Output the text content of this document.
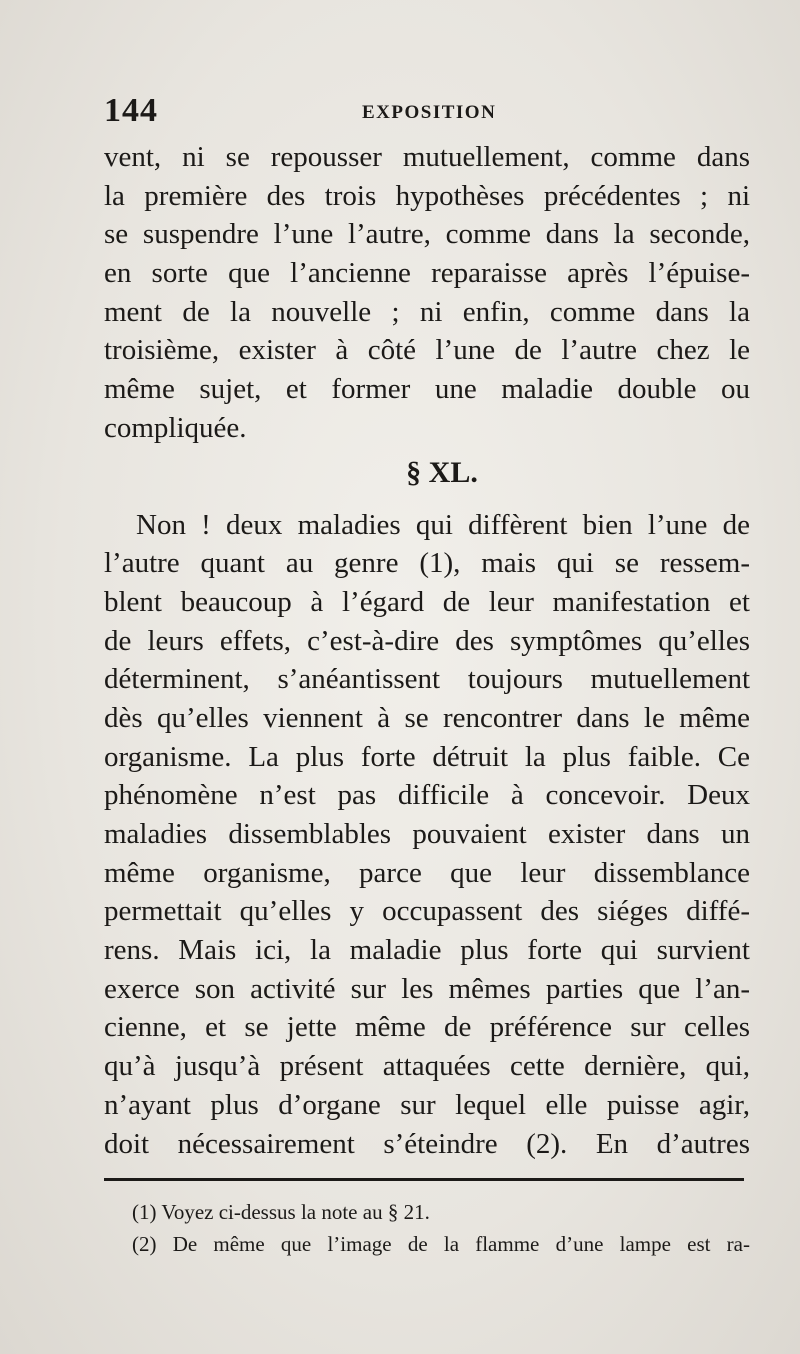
144	EXPOSITION
vent, ni se repousser mutuellement, comme dans
la première des trois hypothèses précédentes ; ni
se suspendre l’une l’autre, comme dans la seconde,
en sorte que l’ancienne reparaisse après l’épuise-
ment de la nouvelle ; ni enfin, comme dans la
troisième, exister à côté l’une de l’autre chez le
même sujet, et former une maladie double ou
compliquée.
§ XL.
Non ! deux maladies qui diffèrent bien l’une de
l’autre quant au genre (1), mais qui se ressem-
blent beaucoup à l’égard de leur manifestation et
de leurs effets, c’est-à-dire des symptômes qu’elles
déterminent, s’anéantissent toujours mutuellement
dès qu’elles viennent à se rencontrer dans le même
organisme. La plus forte détruit la plus faible. Ce
phénomène n’est pas difficile à concevoir. Deux
maladies dissemblables pouvaient exister dans un
même organisme, parce que leur dissemblance
permettait qu’elles y occupassent des siéges diffé-
rens. Mais ici, la maladie plus forte qui survient
exerce son activité sur les mêmes parties que l’an-
cienne, et se jette même de préférence sur celles
qu’à jusqu’à présent attaquées cette dernière, qui,
n’ayant plus d’organe sur lequel elle puisse agir,
doit nécessairement s’éteindre (2). En d’autres
(1) Voyez ci-dessus la note au § 21.
(2) De même que l’image de la flamme d’une lampe est ra-
